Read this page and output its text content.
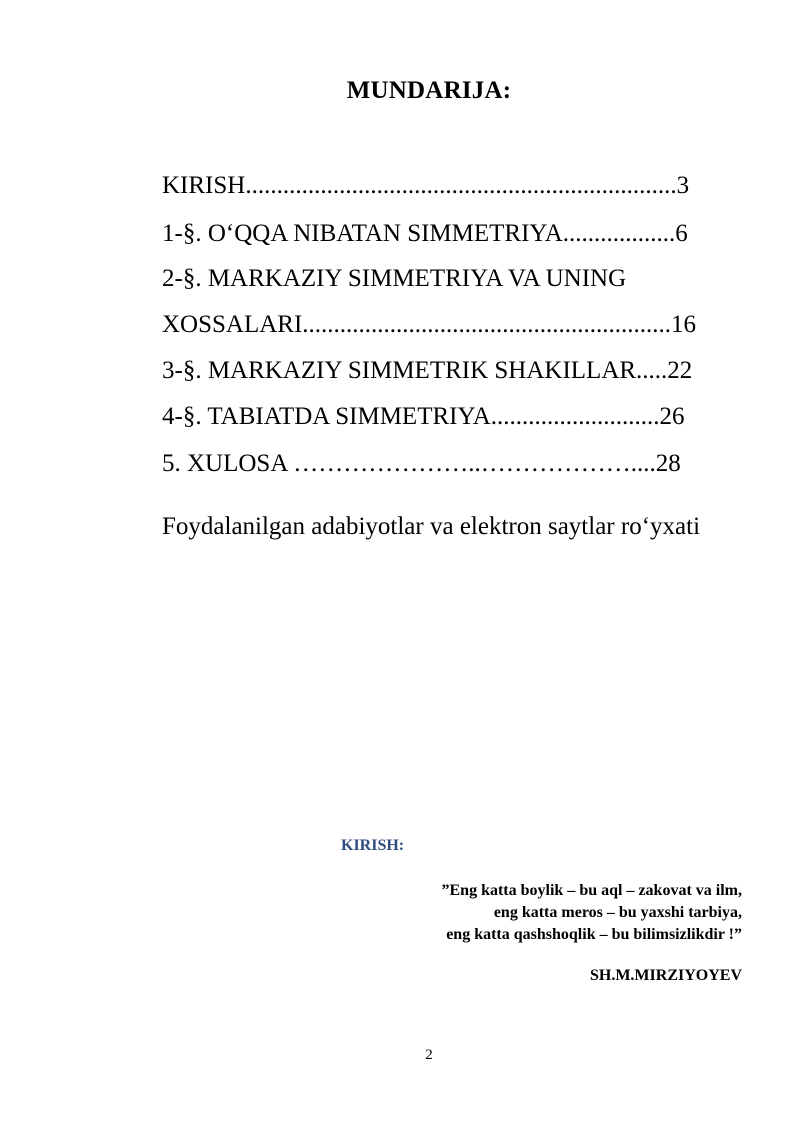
MUNDARIJA:
KIRISH.....................................................................3
1-§. O‘QQA NIBATAN SIMMETRIYA..................6
2-§. MARKAZIY SIMMETRIYA VA UNING
XOSSALARI...........................................................16
3-§. MARKAZIY SIMMETRIK SHAKILLAR.....22
4-§. TABIATDA SIMMETRIYA...........................26
5. XULOSA …………………..………………....28
Foydalanilgan adabiyotlar va elektron saytlar ro‘yxati
KIRISH:
”Eng katta boylik – bu aql – zakovat va ilm,
eng katta meros – bu yaxshi tarbiya,
eng katta qashshoqlik – bu bilimsizlikdir !”
SH.M.MIRZIYOYEV
2
